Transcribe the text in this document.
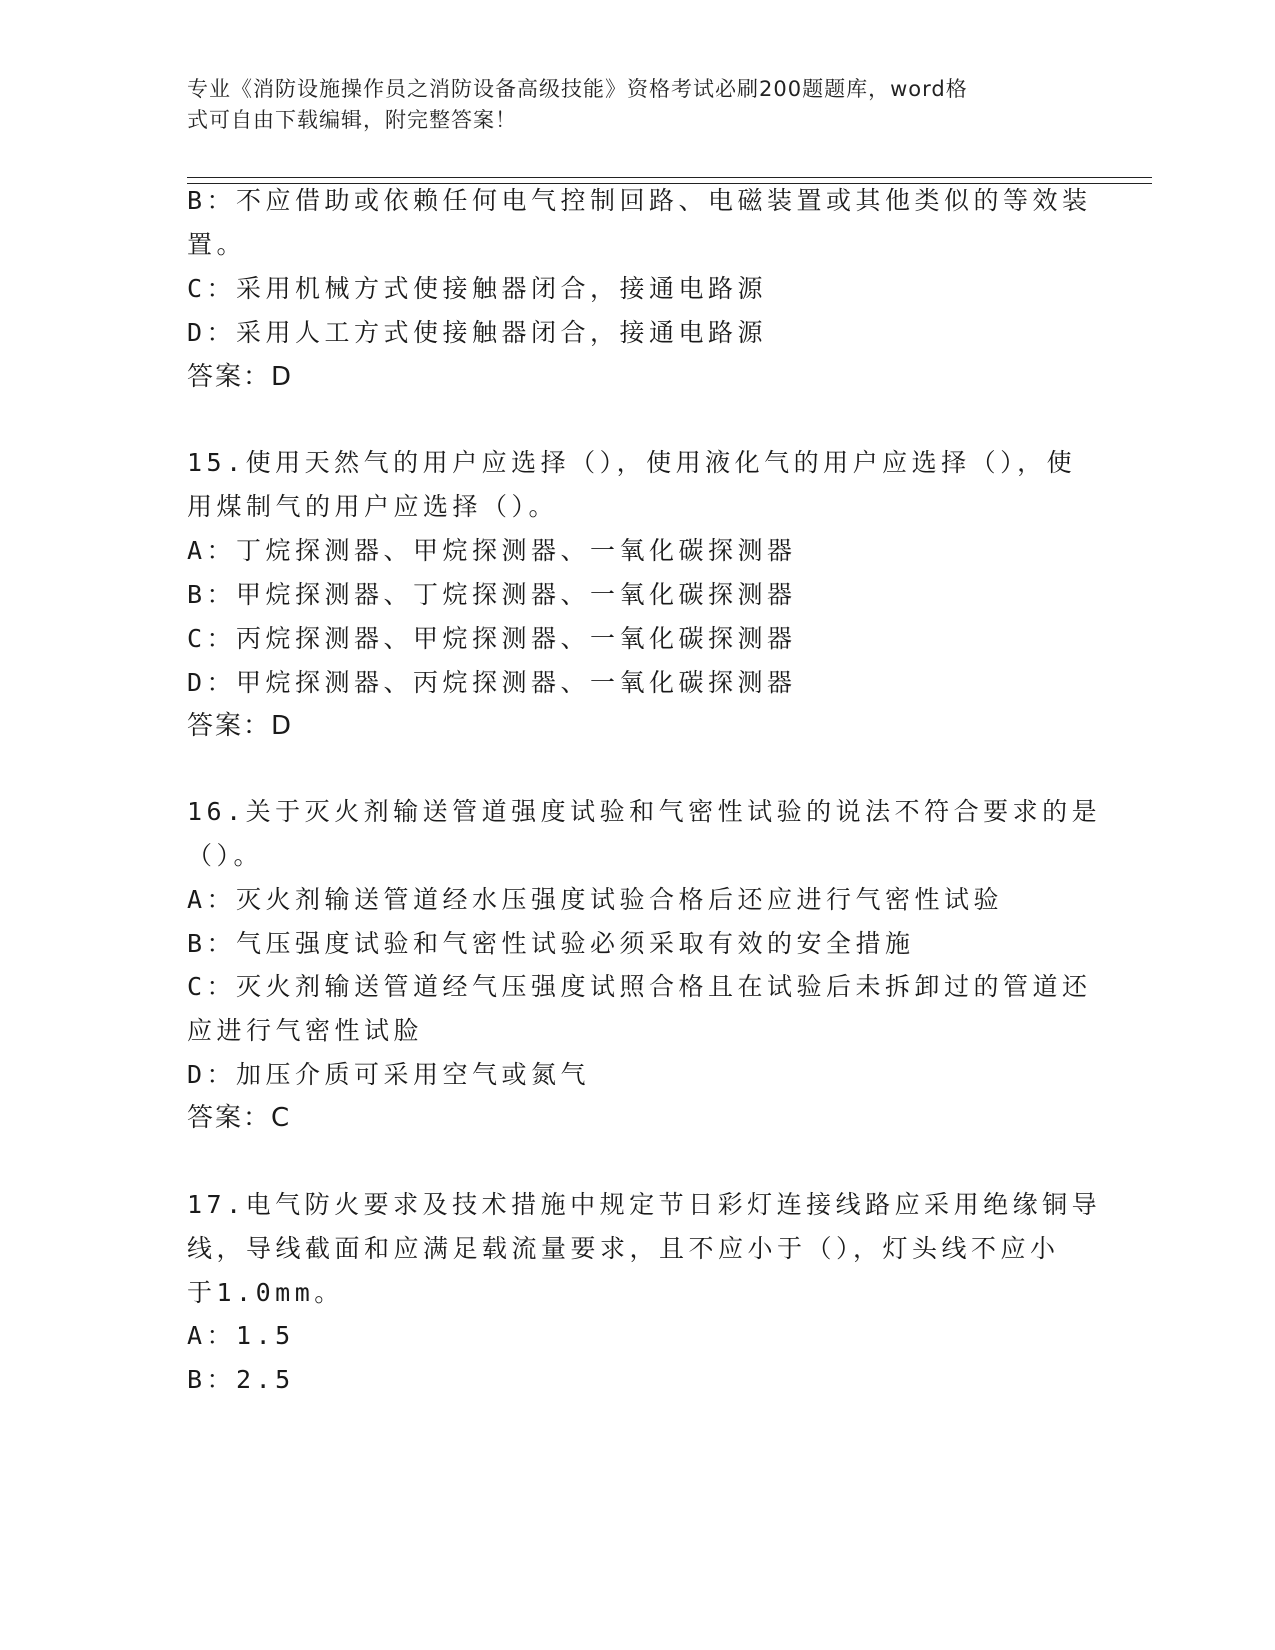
专业《消防设施操作员之消防设备高级技能》资格考试必刷200题题库，word格
式可自由下载编辑，附完整答案！
B：不应借助或依赖任何电气控制回路、电磁装置或其他类似的等效装
置。
C：采用机械方式使接触器闭合，接通电路源
D：采用人工方式使接触器闭合，接通电路源
答案：D
15.使用天然气的用户应选择（），使用液化气的用户应选择（），使
用煤制气的用户应选择（）。
A：丁烷探测器、甲烷探测器、一氧化碳探测器
B：甲烷探测器、丁烷探测器、一氧化碳探测器
C：丙烷探测器、甲烷探测器、一氧化碳探测器
D：甲烷探测器、丙烷探测器、一氧化碳探测器
答案：D
16.关于灭火剂输送管道强度试验和气密性试验的说法不符合要求的是
（）。
A：灭火剂输送管道经水压强度试验合格后还应进行气密性试验
B：气压强度试验和气密性试验必须采取有效的安全措施
C：灭火剂输送管道经气压强度试照合格且在试验后未拆卸过的管道还
应进行气密性试脸
D：加压介质可采用空气或氮气
答案：C
17.电气防火要求及技术措施中规定节日彩灯连接线路应采用绝缘铜导
线，导线截面和应满足载流量要求，且不应小于（），灯头线不应小
于1.0mm。
A：1.5
B：2.5
